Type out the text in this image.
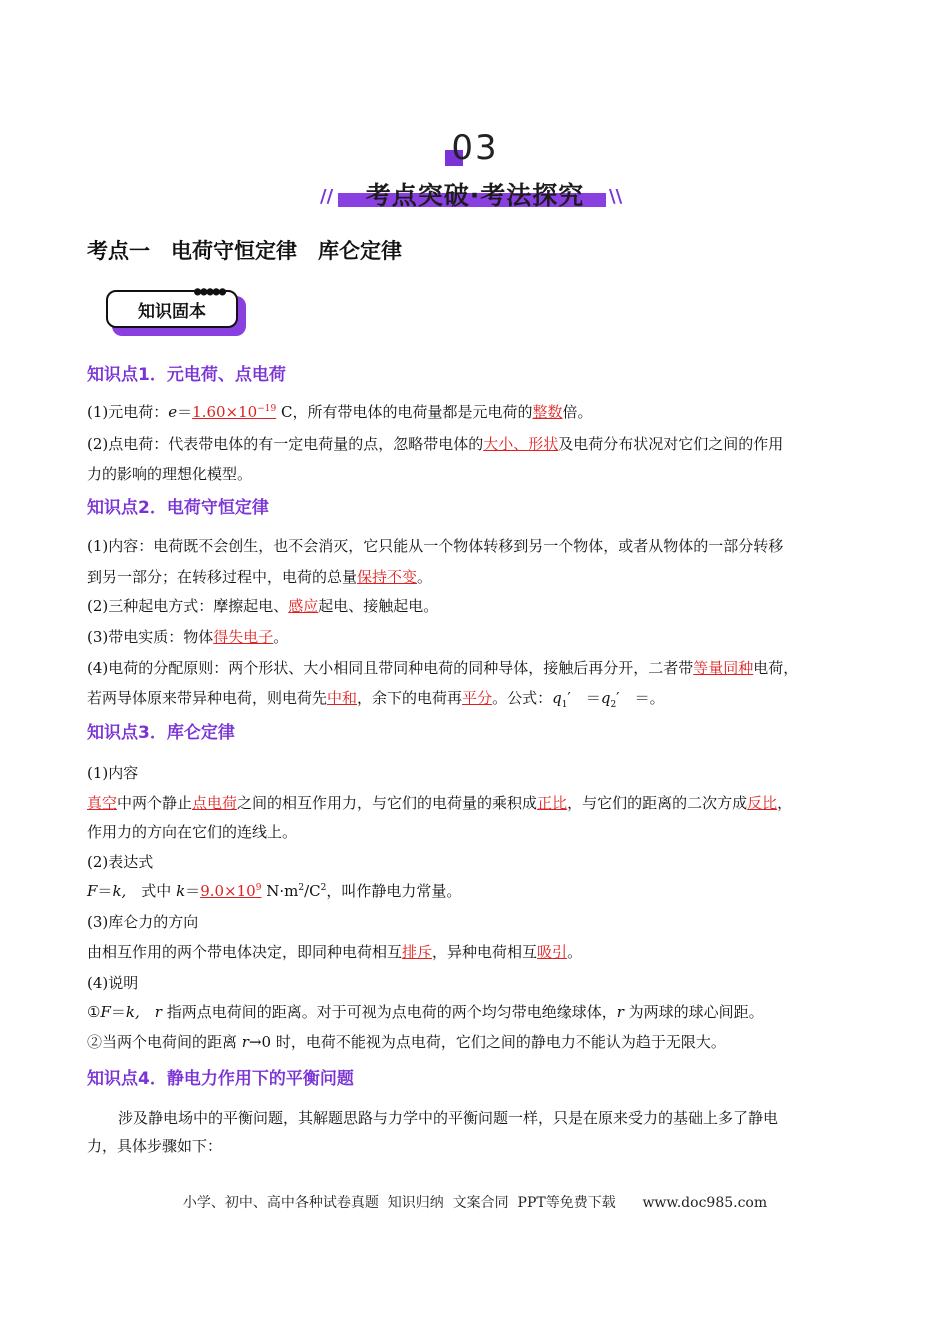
03
//	考点突破·考法探究	\\
考点一　电荷守恒定律　库仑定律
知识固本
●●●●●
知识点1．元电荷、点电荷
(1)元电荷：$e=1.60\times 10^{-19}$ C，所有带电体的电荷量都是元电荷的整数倍。
(2)点电荷：代表带电体的有一定电荷量的点，忽略带电体的大小、形状及电荷分布状况对它们之间的作用
力的影响的理想化模型。
知识点2．电荷守恒定律
(1)内容：电荷既不会创生，也不会消灭，它只能从一个物体转移到另一个物体，或者从物体的一部分转移
到另一部分；在转移过程中，电荷的总量保持不变。
(2)三种起电方式：摩擦起电、感应起电、接触起电。
(3)带电实质：物体得失电子。
(4)电荷的分配原则：两个形状、大小相同且带同种电荷的同种导体，接触后再分开，二者带等量同种电荷，
若两导体原来带异种电荷，则电荷先中和，余下的电荷再平分。公式：$q_1'$　$=q_2'$　＝。
知识点3．库仑定律
(1)内容
真空中两个静止点电荷之间的相互作用力，与它们的电荷量的乘积成正比，与它们的距离的二次方成反比，
作用力的方向在它们的连线上。
(2)表达式
F＝k,　式中 $k=9.0\times 10^9$ $N\cdot m^2/C^2$，叫作静电力常量。
(3)库仑力的方向
由相互作用的两个带电体决定，即同种电荷相互排斥，异种电荷相互吸引。
(4)说明
①F＝k,　 r 指两点电荷间的距离。对于可视为点电荷的两个均匀带电绝缘球体，r 为两球的球心间距。
②当两个电荷间的距离 r→0 时，电荷不能视为点电荷，它们之间的静电力不能认为趋于无限大。
知识点4．静电力作用下的平衡问题
涉及静电场中的平衡问题，其解题思路与力学中的平衡问题一样，只是在原来受力的基础上多了静电
力，具体步骤如下：
小学、初中、高中各种试卷真题  知识归纳  文案合同  PPT等免费下载      www.doc985.com
